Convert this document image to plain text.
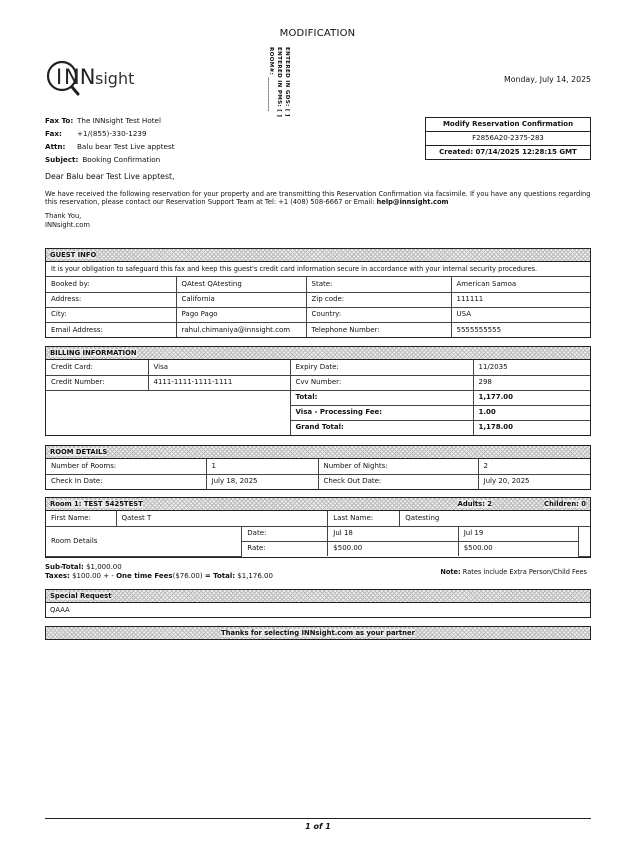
MODIFICATION
ENTERED IN GDS: [ ]
ENTERED IN PMS: [ ]
ROOM#: ___________
I NN sight	Monday, July 14, 2025
Fax To: The INNsight Test Hotel
Fax:	+1/(855)-330-1239
Attn:	Balu bear Test Live apptest
Subject: Booking Confirmation
Modify Reservation Confirmation
F2856A20-2375-283
Created: 07/14/2025 12:28:15 GMT

Dear Balu bear Test Live apptest,

We have received the following reservation for your property and are transmitting this Reservation Confirmation via facsimile. If you have any questions regarding this reservation, please contact our Reservation Support Team at Tel: +1 (408) 508-6667 or Email: help@innsight.com

Thank You,
INNsight.com
GUEST INFO
It is your obligation to safeguard this fax and keep this guest's credit card information secure in accordance with your internal security procedures.
Booked by:	QAtest QAtesting	State:	American Samoa
Address:	California	Zip code:	111111
City:	Pago Pago	Country:	USA
Email Address:	rahul.chimaniya@innsight.com	Telephone Number:	5555555555
BILLING INFORMATION
Credit Card:	Visa	Expiry Date:	11/2035
Credit Number:	4111-1111-1111-1111	Cvv Number:	298
		Total:	1,177.00
		Visa - Processing Fee:	1.00
		Grand Total:	1,178.00
ROOM DETAILS
Number of Rooms:	1	Number of Nights:	2
Check In Date:	July 18, 2025	Check Out Date:	July 20, 2025
Room 1: TEST 5425TEST	Adults: 2	Children: 0
First Name:	Qatest T		Last Name:	Qatesting		
Room Details		Date:	Jul 18		Jul 19	
		Rate:	$500.00		$500.00	
Sub-Total: $1,000.00
Taxes: $100.00 + - One time Fees($76.00) = Total: $1,176.00	Note: Rates include Extra Person/Child Fees
Special Request
QAAA
Thanks for selecting INNsight.com as your partner
1 of 1
